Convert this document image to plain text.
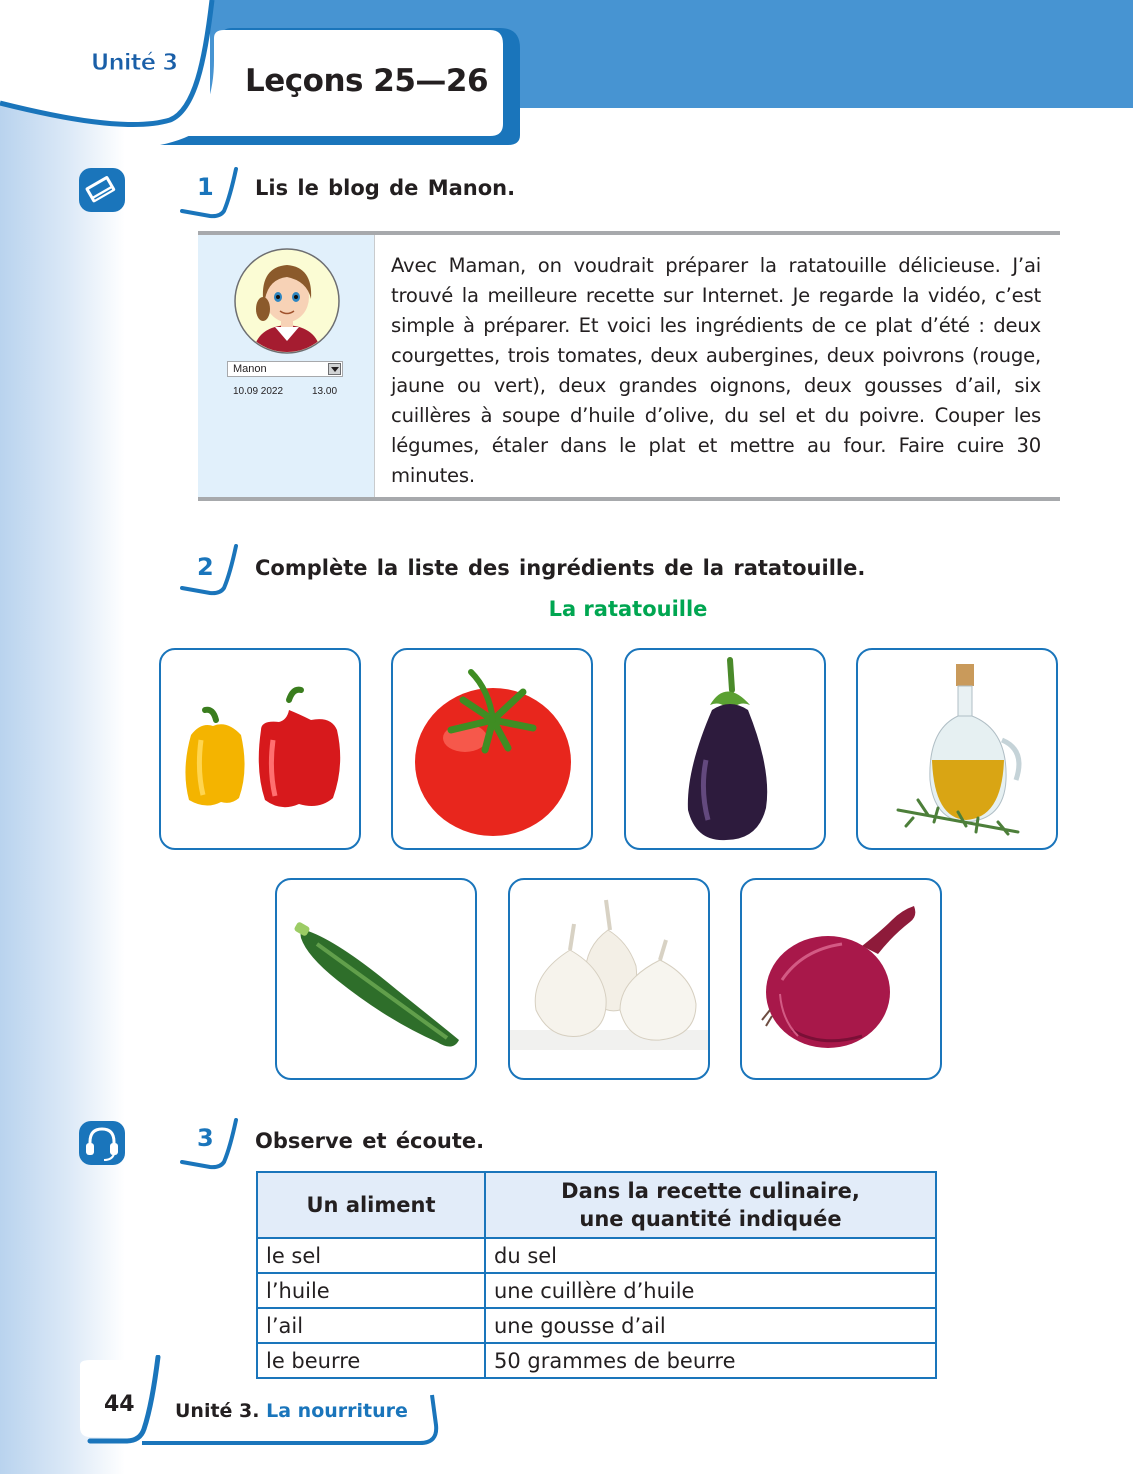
Unité 3 Leçons 25—26
1 Lis le blog de Manon.
Manon
10.09 2022	13.00
Avec Maman, on voudrait préparer la ratatouille délicieuse. J’ai trouvé la meilleure recette sur Internet. Je regarde la vidéo, c’est simple à préparer. Et voici les ingrédients de ce plat d’été : deux courgettes, trois tomates, deux aubergines, deux poivrons (rouge, jaune ou vert), deux grandes oignons, deux gousses d’ail, six cuillères à soupe d’huile d’olive, du sel et du poivre. Couper les légumes, étaler dans le plat et mettre au four. Faire cuire 30 minutes.
2 Complète la liste des ingrédients de la ratatouille.
La ratatouille
3 Observe et écoute.
Un aliment	Dans la recette culinaire,
une quantité indiquée
le sel	du sel
l’huile	une cuillère d’huile
l’ail	une gousse d’ail
le beurre	50 grammes de beurre
44 Unité 3. La nourriture
